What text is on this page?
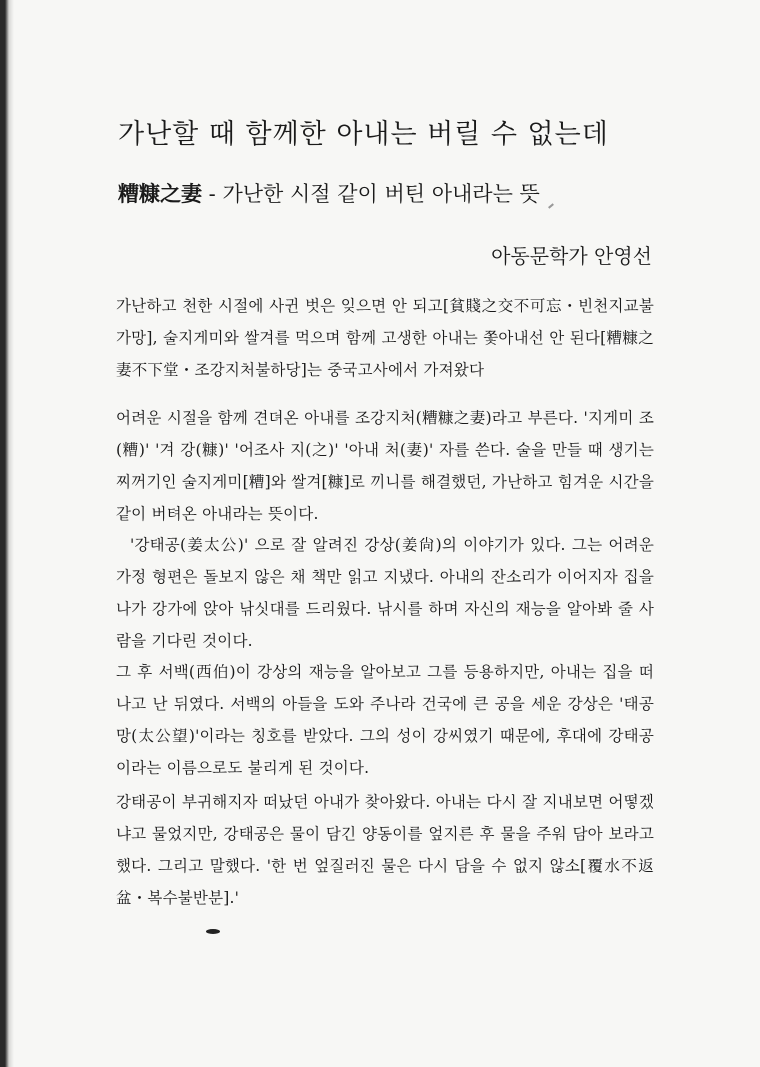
가난할 때 함께한 아내는 버릴 수 없는데
糟糠之妻 - 가난한 시절 같이 버틴 아내라는 뜻
아동문학가 안영선

가난하고 천한 시절에 사귄 벗은 잊으면 안 되고[貧賤之交不可忘・빈천지교불가망], 술지게미와 쌀겨를 먹으며 함께 고생한 아내는 쫓아내선 안 된다[糟糠之妻不下堂・조강지처불하당]는 중국고사에서 가져왔다

어려운 시절을 함께 견뎌온 아내를 조강지처(糟糠之妻)라고 부른다. '지게미 조(糟)' '겨 강(糠)' '어조사 지(之)' '아내 처(妻)' 자를 쓴다. 술을 만들 때 생기는 찌꺼기인 술지게미[糟]와 쌀겨[糠]로 끼니를 해결했던, 가난하고 힘겨운 시간을 같이 버텨온 아내라는 뜻이다.

'강태공(姜太公)' 으로 잘 알려진 강상(姜尙)의 이야기가 있다. 그는 어려운 가정 형편은 돌보지 않은 채 책만 읽고 지냈다. 아내의 잔소리가 이어지자 집을 나가 강가에 앉아 낚싯대를 드리웠다. 낚시를 하며 자신의 재능을 알아봐 줄 사람을 기다린 것이다.

그 후 서백(西伯)이 강상의 재능을 알아보고 그를 등용하지만, 아내는 집을 떠나고 난 뒤였다. 서백의 아들을 도와 주나라 건국에 큰 공을 세운 강상은 '태공망(太公望)'이라는 칭호를 받았다. 그의 성이 강씨였기 때문에, 후대에 강태공이라는 이름으로도 불리게 된 것이다.

강태공이 부귀해지자 떠났던 아내가 찾아왔다. 아내는 다시 잘 지내보면 어떻겠냐고 물었지만, 강태공은 물이 담긴 양동이를 엎지른 후 물을 주워 담아 보라고 했다. 그리고 말했다. '한 번 엎질러진 물은 다시 담을 수 없지 않소[覆水不返盆・복수불반분].'
